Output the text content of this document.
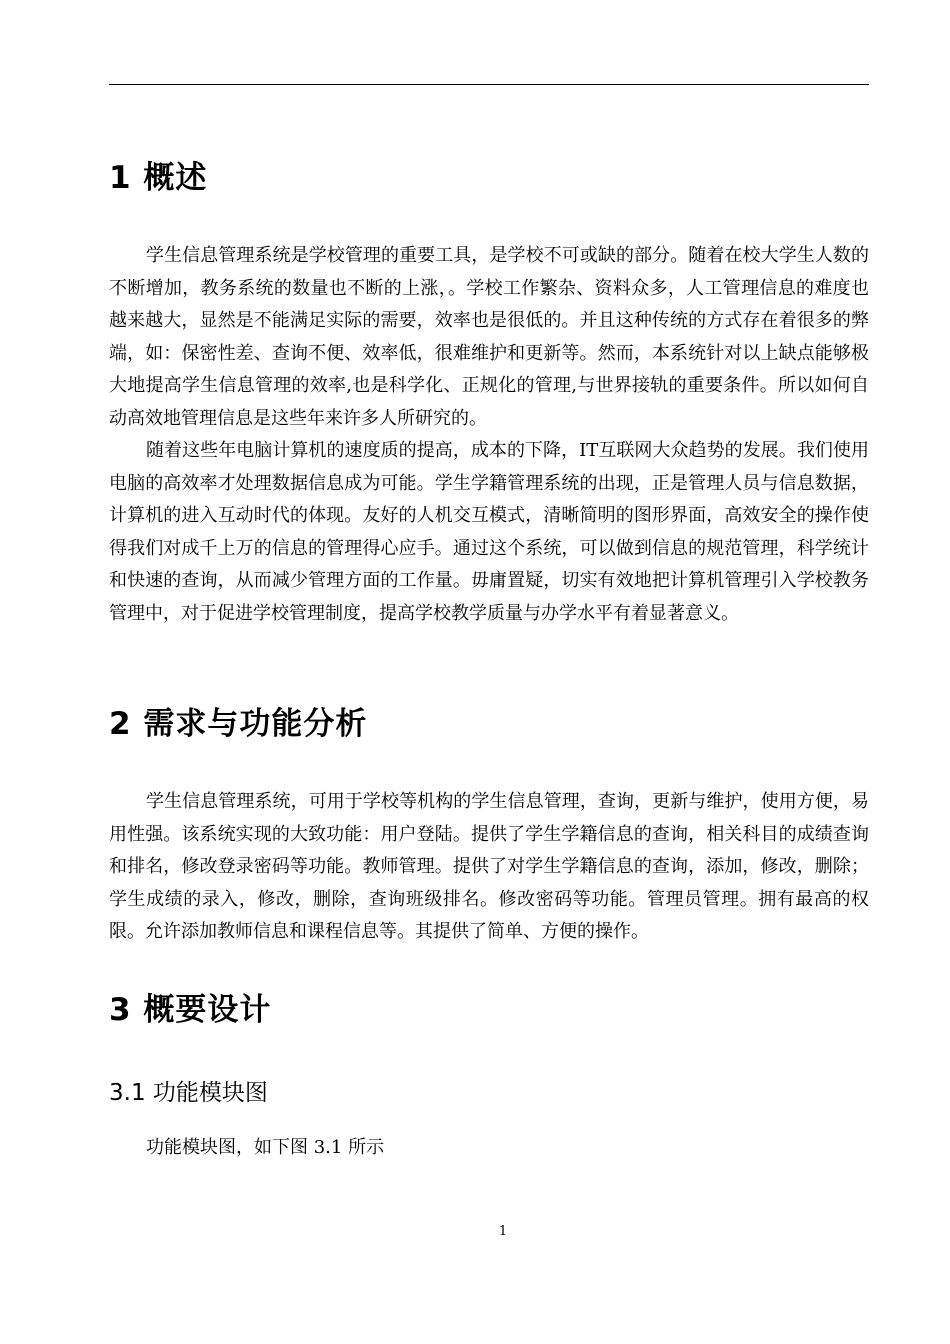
1 概述

学生信息管理系统是学校管理的重要工具，是学校不可或缺的部分。随着在校大学生人数的不断增加，教务系统的数量也不断的上涨，。学校工作繁杂、资料众多，人工管理信息的难度也越来越大，显然是不能满足实际的需要，效率也是很低的。并且这种传统的方式存在着很多的弊端，如：保密性差、查询不便、效率低，很难维护和更新等。然而，本系统针对以上缺点能够极大地提高学生信息管理的效率,也是科学化、正规化的管理,与世界接轨的重要条件。所以如何自动高效地管理信息是这些年来许多人所研究的。

随着这些年电脑计算机的速度质的提高，成本的下降，IT互联网大众趋势的发展。我们使用电脑的高效率才处理数据信息成为可能。学生学籍管理系统的出现，正是管理人员与信息数据，计算机的进入互动时代的体现。友好的人机交互模式，清晰简明的图形界面，高效安全的操作使得我们对成千上万的信息的管理得心应手。通过这个系统，可以做到信息的规范管理，科学统计和快速的查询，从而减少管理方面的工作量。毋庸置疑，切实有效地把计算机管理引入学校教务管理中，对于促进学校管理制度，提高学校教学质量与办学水平有着显著意义。

2 需求与功能分析

学生信息管理系统，可用于学校等机构的学生信息管理，查询，更新与维护，使用方便，易用性强。该系统实现的大致功能：用户登陆。提供了学生学籍信息的查询，相关科目的成绩查询和排名，修改登录密码等功能。教师管理。提供了对学生学籍信息的查询，添加，修改，删除；学生成绩的录入，修改，删除，查询班级排名。修改密码等功能。管理员管理。拥有最高的权限。允许添加教师信息和课程信息等。其提供了简单、方便的操作。

3 概要设计
3.1 功能模块图

功能模块图，如下图 3.1 所示

1
